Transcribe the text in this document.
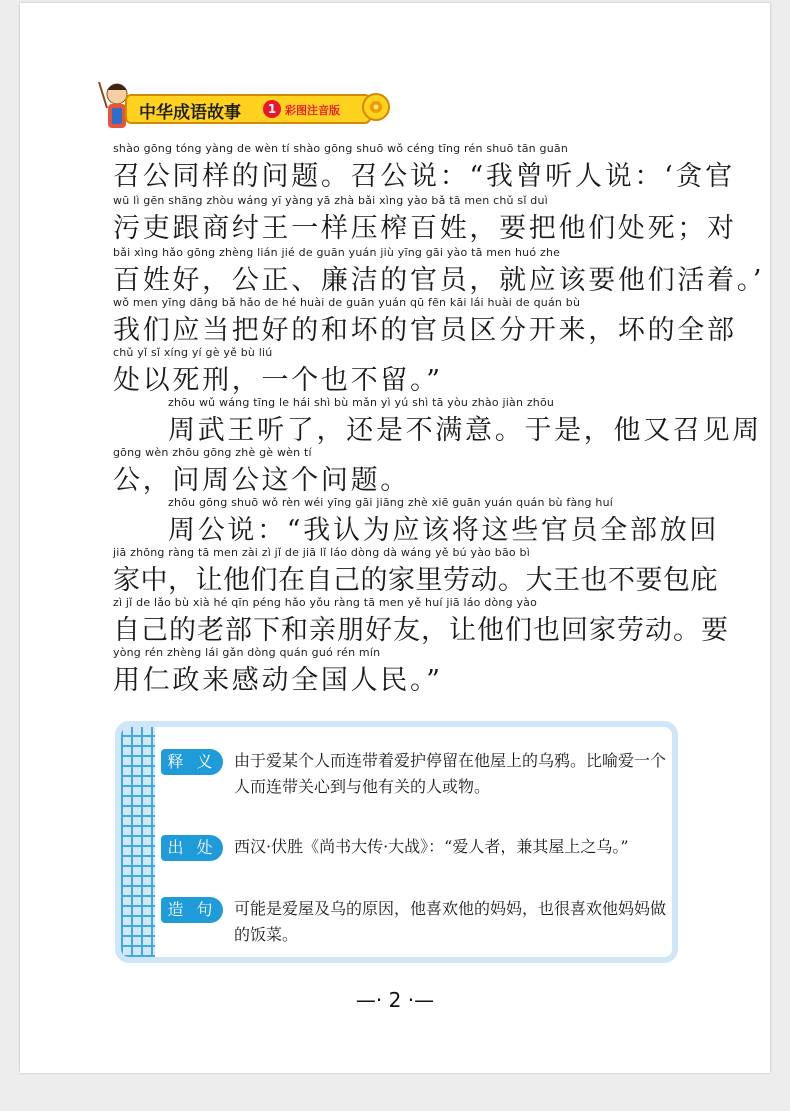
中华成语故事	1 彩图注音版
shào gōng tóng yàng de wèn tí shào gōng shuō wǒ céng tīng rén shuō tān guān
召公同样的问题。召公说：“我曾听人说：‘贪官
wū lì gēn shāng zhòu wáng yī yàng yā zhà bǎi xìng yào bǎ tā men chǔ sǐ duì
污吏跟商纣王一样压榨百姓，要把他们处死；对
bǎi xìng hǎo gōng zhèng lián jié de guān yuán jiù yīng gāi yào tā men huó zhe
百姓好，公正、廉洁的官员，就应该要他们活着。’
wǒ men yīng dāng bǎ hǎo de hé huài de guān yuán qū fēn kāi lái huài de quán bù
我们应当把好的和坏的官员区分开来，坏的全部
chǔ yǐ sǐ xíng yí gè yě bù liú
处以死刑，一个也不留。”
zhōu wǔ wáng tīng le hái shì bù mǎn yì yú shì tā yòu zhào jiàn zhōu
周武王听了，还是不满意。于是，他又召见周
gōng wèn zhōu gōng zhè gè wèn tí
公，问周公这个问题。
zhōu gōng shuō wǒ rèn wéi yīng gāi jiāng zhè xiē guān yuán quán bù fàng huí
周公说：“我认为应该将这些官员全部放回
jiā zhōng ràng tā men zài zì jǐ de jiā lǐ láo dòng dà wáng yě bú yào bāo bì
家中，让他们在自己的家里劳动。大王也不要包庇
zì jǐ de lǎo bù xià hé qīn péng hǎo yǒu ràng tā men yě huí jiā láo dòng yào
自己的老部下和亲朋好友，让他们也回家劳动。要
yòng rén zhèng lái gǎn dòng quán guó rén mín
用仁政来感动全国人民。”
释 义	由于爱某个人而连带着爱护停留在他屋上的乌鸦。比喻爱一个人而连带关心到与他有关的人或物。
出 处	西汉·伏胜《尚书大传·大战》：“爱人者，兼其屋上之乌。”
造 句	可能是爱屋及乌的原因，他喜欢他的妈妈，也很喜欢他妈妈做的饭菜。
—· 2 ·—
